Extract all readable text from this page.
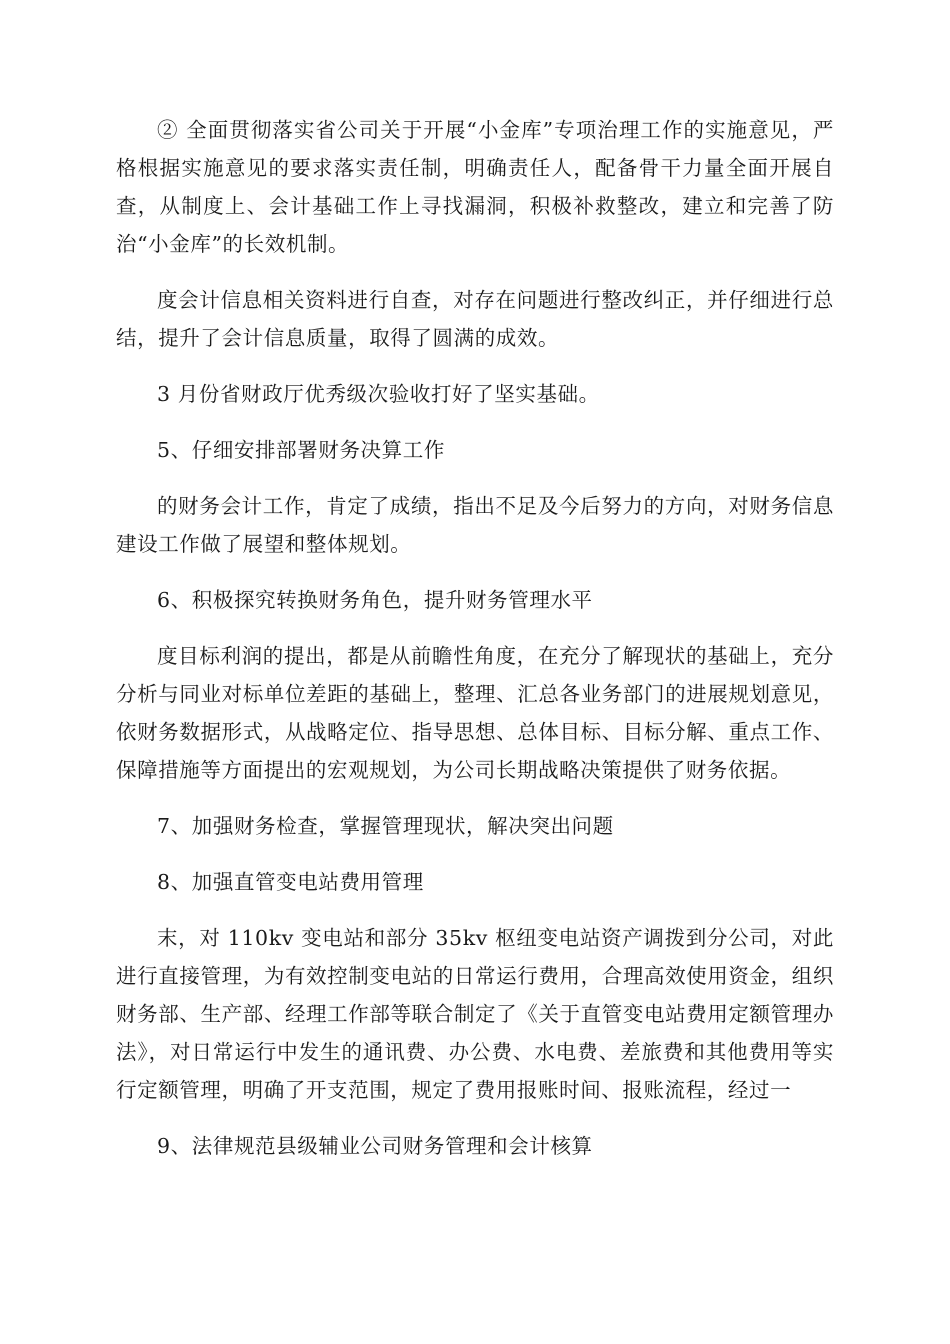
② 全面贯彻落实省公司关于开展“小金库”专项治理工作的实施意见，严格根据实施意见的要求落实责任制，明确责任人，配备骨干力量全面开展自查，从制度上、会计基础工作上寻找漏洞，积极补救整改，建立和完善了防治“小金库”的长效机制。

度会计信息相关资料进行自查，对存在问题进行整改纠正，并仔细进行总结，提升了会计信息质量，取得了圆满的成效。

3 月份省财政厅优秀级次验收打好了坚实基础。

5、仔细安排部署财务决算工作

的财务会计工作，肯定了成绩，指出不足及今后努力的方向，对财务信息建设工作做了展望和整体规划。

6、积极探究转换财务角色，提升财务管理水平

度目标利润的提出，都是从前瞻性角度，在充分了解现状的基础上，充分分析与同业对标单位差距的基础上，整理、汇总各业务部门的进展规划意见，依财务数据形式，从战略定位、指导思想、总体目标、目标分解、重点工作、保障措施等方面提出的宏观规划，为公司长期战略决策提供了财务依据。

7、加强财务检查，掌握管理现状，解决突出问题

8、加强直管变电站费用管理

末，对 110kv 变电站和部分 35kv 枢纽变电站资产调拨到分公司，对此进行直接管理，为有效控制变电站的日常运行费用，合理高效使用资金，组织财务部、生产部、经理工作部等联合制定了《关于直管变电站费用定额管理办法》，对日常运行中发生的通讯费、办公费、水电费、差旅费和其他费用等实行定额管理，明确了开支范围，规定了费用报账时间、报账流程，经过一

9、法律规范县级辅业公司财务管理和会计核算
